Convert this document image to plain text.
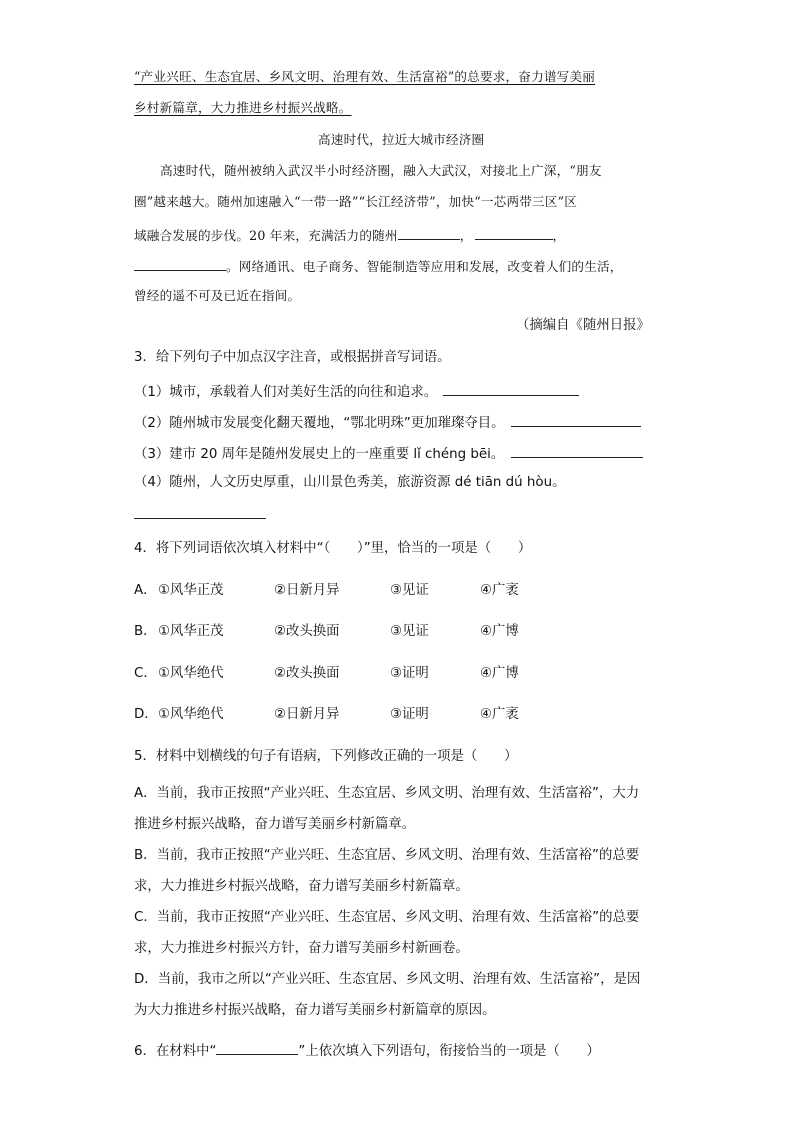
“产业兴旺、生态宜居、乡风文明、治理有效、生活富裕”的总要求，奋力谱写美丽
乡村新篇章，大力推进乡村振兴战略。
高速时代，拉近大城市经济圈
高速时代，随州被纳入武汉半小时经济圈，融入大武汉，对接北上广深，“朋友
圈”越来越大。随州加速融入“一带一路”“长江经济带”，加快“一芯两带三区”区
域融合发展的步伐。20 年来，充满活力的随州	，	，
。网络通讯、电子商务、智能制造等应用和发展，改变着人们的生活，
曾经的遥不可及已近在指间。
（摘编自《随州日报》
3．给下列句子中加点汉字注音，或根据拼音写词语。
（1）城市，承载着人们对美好生活的向往和追求。
（2）随州城市发展变化翻天覆地，“鄂北明珠”更加璀璨夺目。
（3）建市 20 周年是随州发展史上的一座重要 lǐ chéng bēi。
（4）随州，人文历史厚重，山川景色秀美，旅游资源 dé tiān dú hòu。
4．将下列词语依次填入材料中“（　　）”里，恰当的一项是（　　）
A． ①风华正茂	②日新月异	③见证	④广袤
B． ①风华正茂	②改头换面	③见证	④广博
C． ①风华绝代	②改头换面	③证明	④广博
D． ①风华绝代	②日新月异	③证明	④广袤
5．材料中划横线的句子有语病，下列修改正确的一项是（　　）
A．当前，我市正按照“产业兴旺、生态宜居、乡风文明、治理有效、生活富裕”，大力
推进乡村振兴战略，奋力谱写美丽乡村新篇章。
B．当前，我市正按照“产业兴旺、生态宜居、乡风文明、治理有效、生活富裕”的总要
求，大力推进乡村振兴战略，奋力谱写美丽乡村新篇章。
C．当前，我市正按照“产业兴旺、生态宜居、乡风文明、治理有效、生活富裕”的总要
求，大力推进乡村振兴方针，奋力谱写美丽乡村新画卷。
D．当前，我市之所以“产业兴旺、生态宜居、乡风文明、治理有效、生活富裕”，是因
为大力推进乡村振兴战略，奋力谱写美丽乡村新篇章的原因。
6．在材料中“	”上依次填入下列语句，衔接恰当的一项是（　　）
